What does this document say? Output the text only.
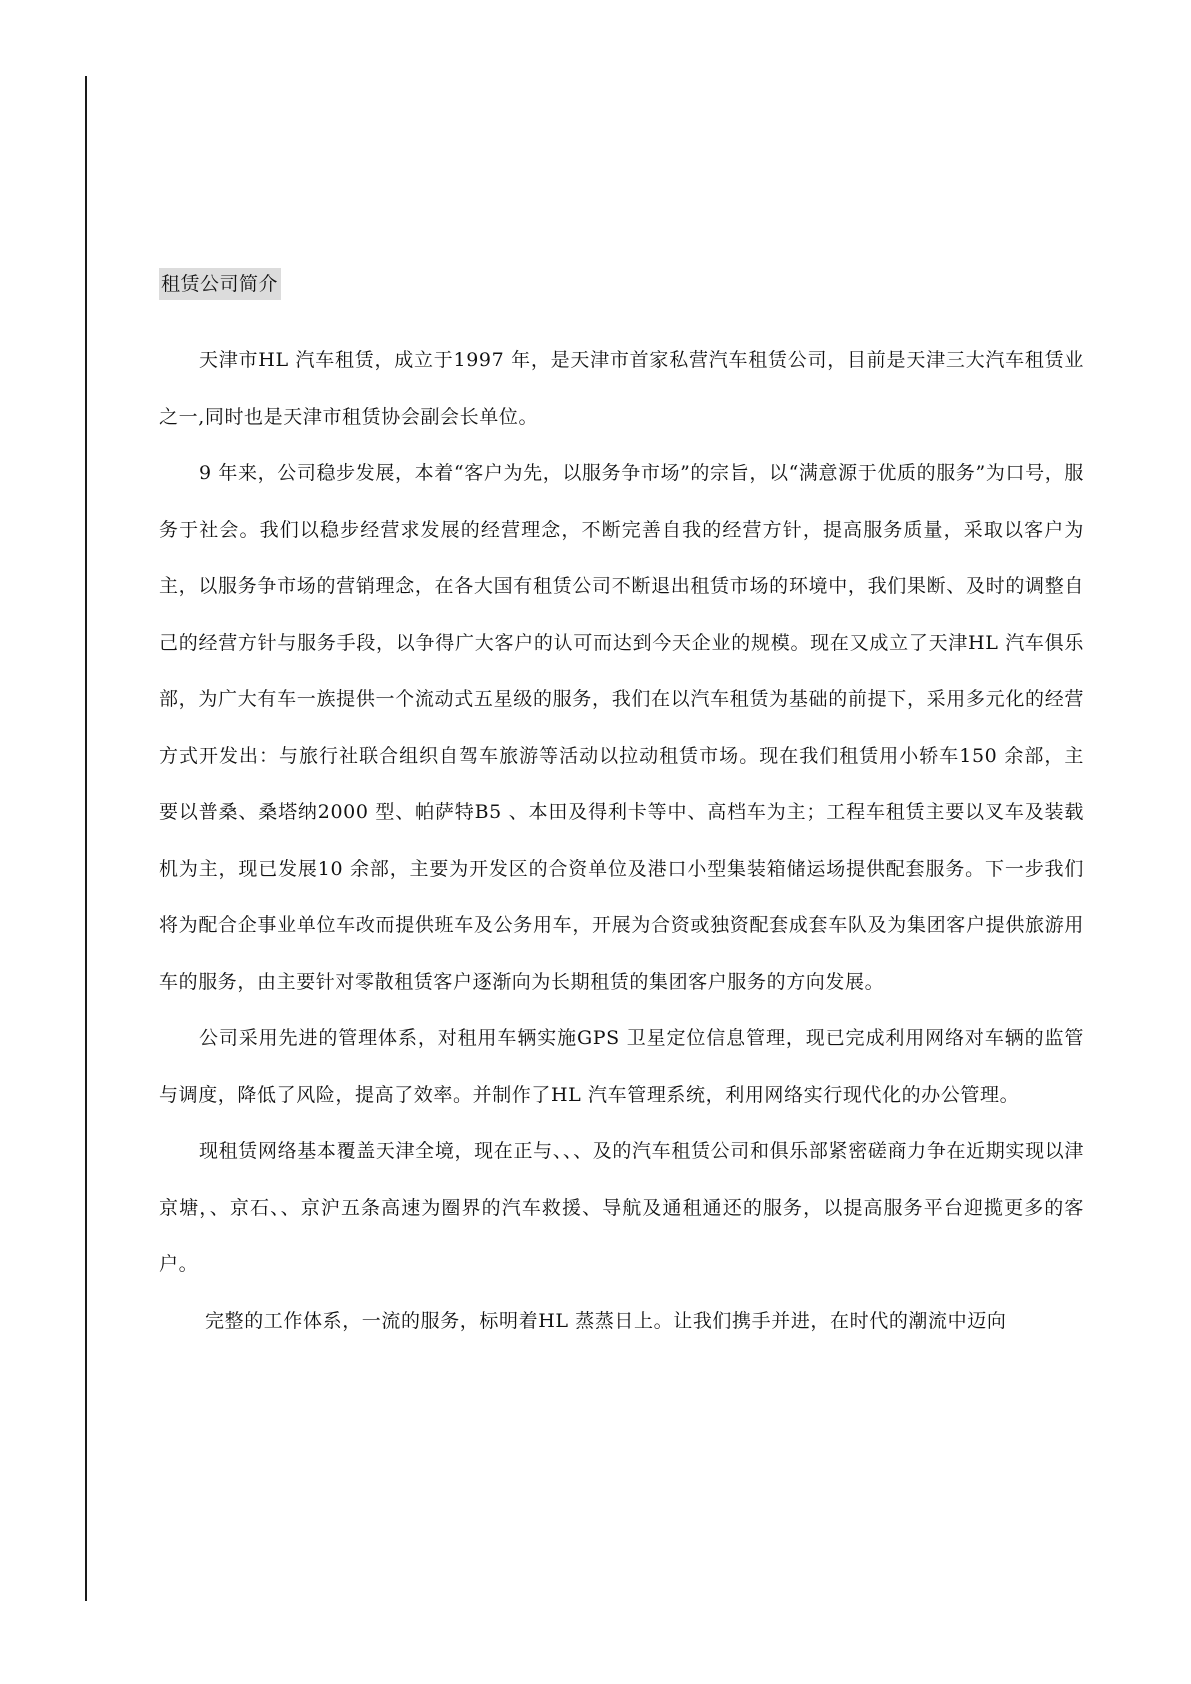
租赁公司简介

天津市HL 汽车租赁，成立于1997 年，是天津市首家私营汽车租赁公司，目前是天津三大汽车租赁业之一,同时也是天津市租赁协会副会长单位。

9 年来，公司稳步发展，本着“客户为先，以服务争市场”的宗旨，以“满意源于优质的服务”为口号，服务于社会。我们以稳步经营求发展的经营理念，不断完善自我的经营方针，提高服务质量，采取以客户为主，以服务争市场的营销理念，在各大国有租赁公司不断退出租赁市场的环境中，我们果断、及时的调整自己的经营方针与服务手段，以争得广大客户的认可而达到今天企业的规模。现在又成立了天津HL 汽车俱乐部，为广大有车一族提供一个流动式五星级的服务，我们在以汽车租赁为基础的前提下，采用多元化的经营方式开发出：与旅行社联合组织自驾车旅游等活动以拉动租赁市场。现在我们租赁用小轿车150 余部，主要以普桑、桑塔纳2000 型、帕萨特B5 、本田及得利卡等中、高档车为主；工程车租赁主要以叉车及装载机为主，现已发展10 余部，主要为开发区的合资单位及港口小型集装箱储运场提供配套服务。下一步我们将为配合企事业单位车改而提供班车及公务用车，开展为合资或独资配套成套车队及为集团客户提供旅游用车的服务，由主要针对零散租赁客户逐渐向为长期租赁的集团客户服务的方向发展。

公司采用先进的管理体系，对租用车辆实施GPS 卫星定位信息管理，现已完成利用网络对车辆的监管与调度，降低了风险，提高了效率。并制作了HL 汽车管理系统，利用网络实行现代化的办公管理。

现租赁网络基本覆盖天津全境，现在正与、、、及的汽车租赁公司和俱乐部紧密磋商力争在近期实现以津京塘，、京石、、京沪五条高速为圈界的汽车救援、导航及通租通还的服务，以提高服务平台迎揽更多的客户。

完整的工作体系，一流的服务，标明着HL 蒸蒸日上。让我们携手并进，在时代的潮流中迈向
